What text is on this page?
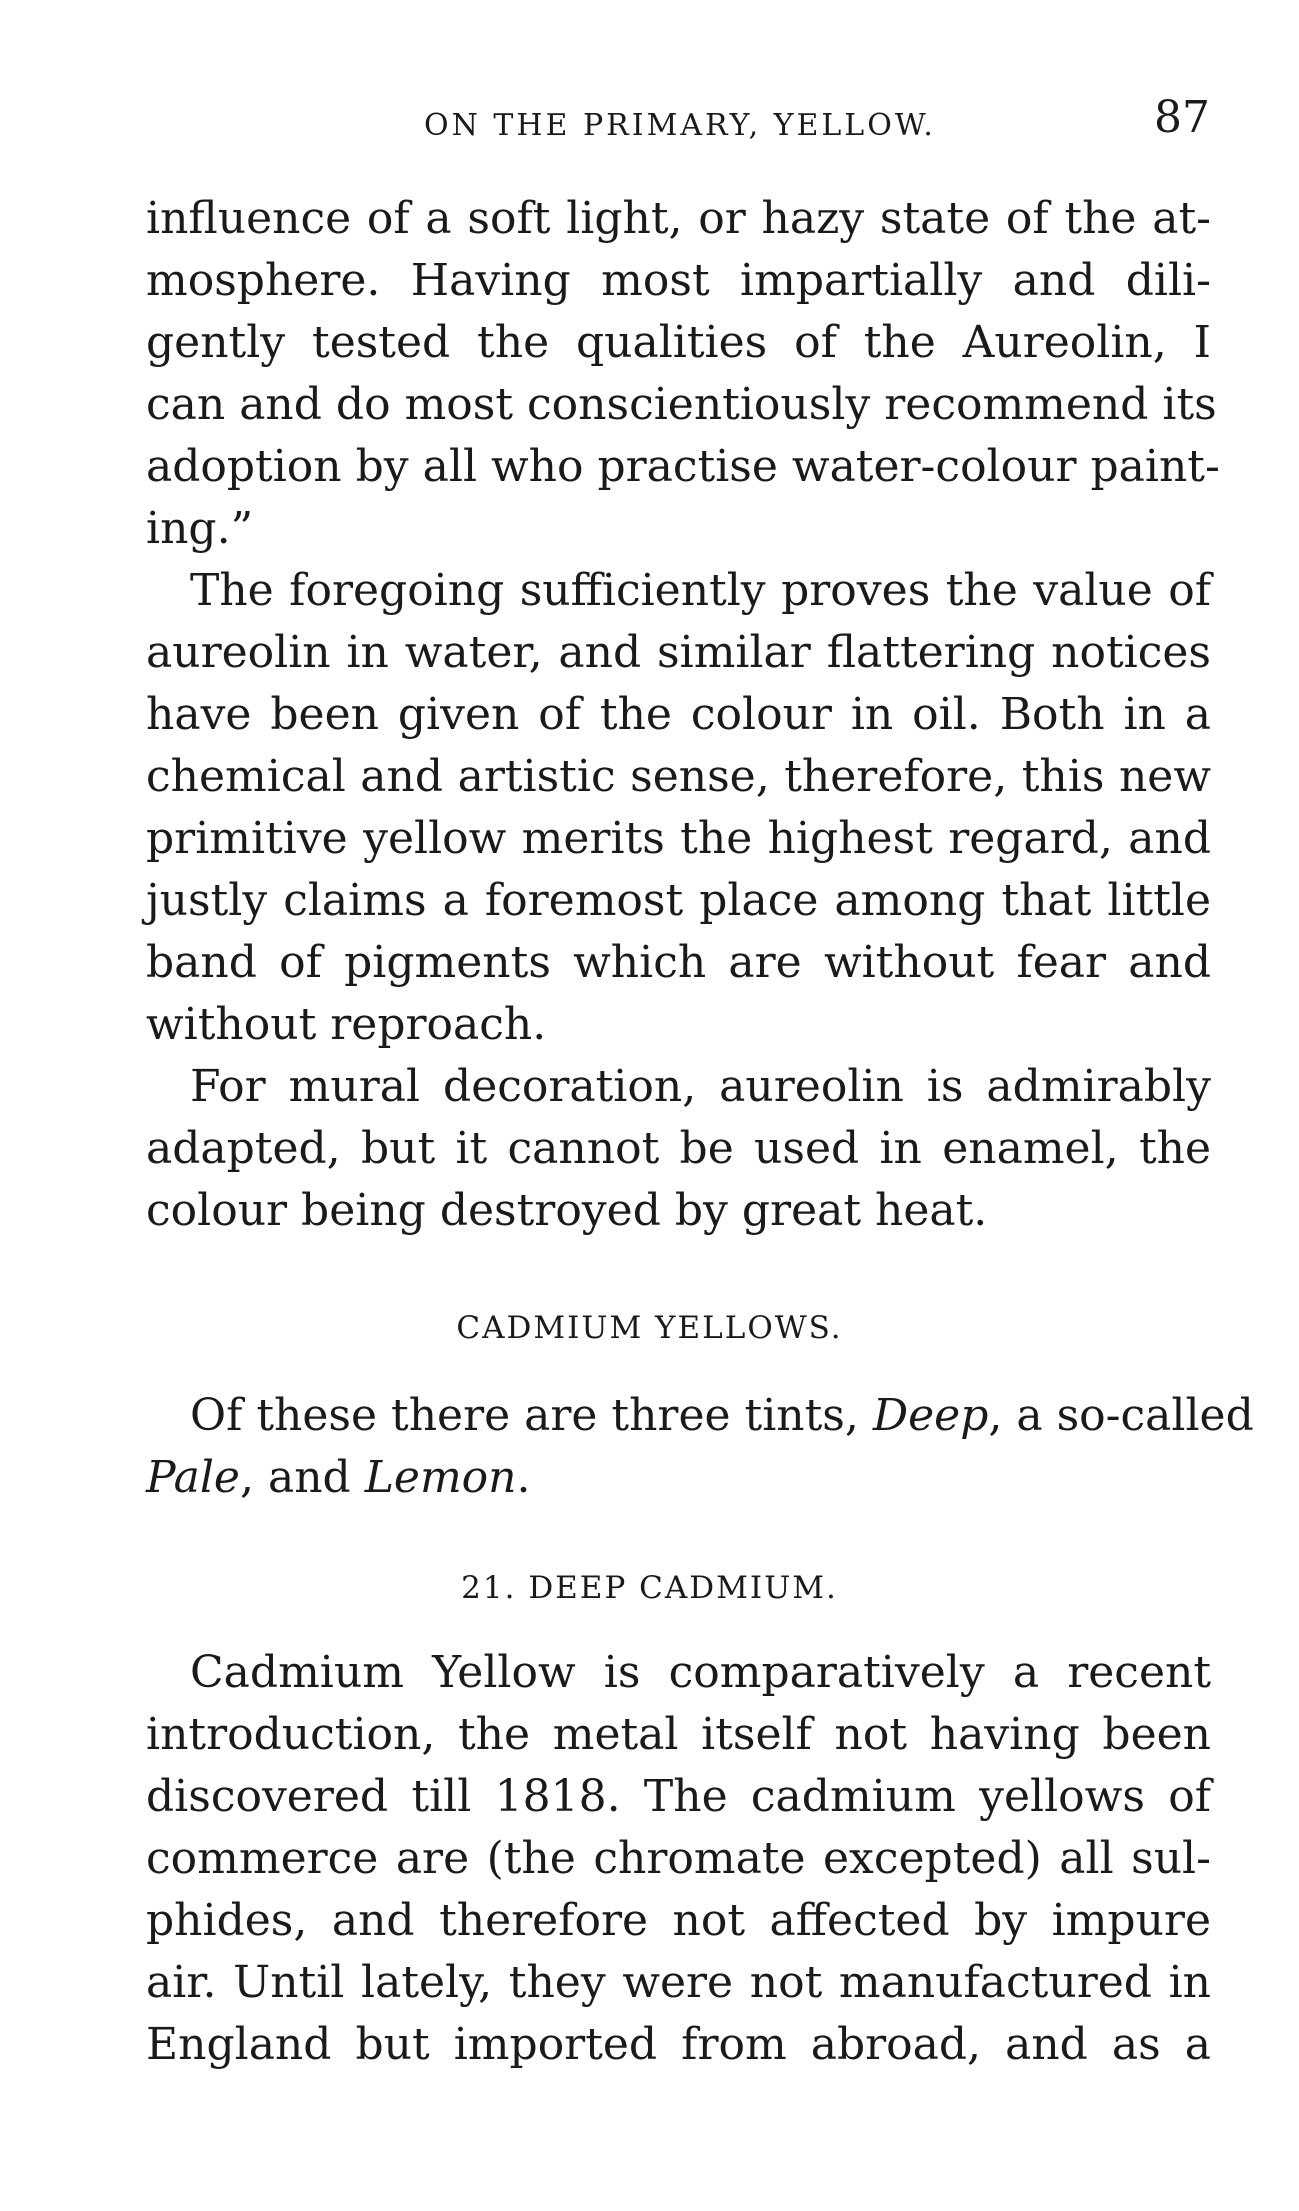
ON THE PRIMARY, YELLOW.	87
influence of a soft light, or hazy state of the at-
mosphere. Having most impartially and dili-
gently tested the qualities of the Aureolin, I
can and do most conscientiously recommend its
adoption by all who practise water-colour paint-
ing.”
The foregoing sufficiently proves the value of
aureolin in water, and similar flattering notices
have been given of the colour in oil. Both in a
chemical and artistic sense, therefore, this new
primitive yellow merits the highest regard, and
justly claims a foremost place among that little
band of pigments which are without fear and
without reproach.
For mural decoration, aureolin is admirably
adapted, but it cannot be used in enamel, the
colour being destroyed by great heat.
CADMIUM YELLOWS.
Of these there are three tints, Deep, a so-called
Pale, and Lemon.
21. DEEP CADMIUM.
Cadmium Yellow is comparatively a recent
introduction, the metal itself not having been
discovered till 1818. The cadmium yellows of
commerce are (the chromate excepted) all sul-
phides, and therefore not affected by impure
air. Until lately, they were not manufactured in
England but imported from abroad, and as a
